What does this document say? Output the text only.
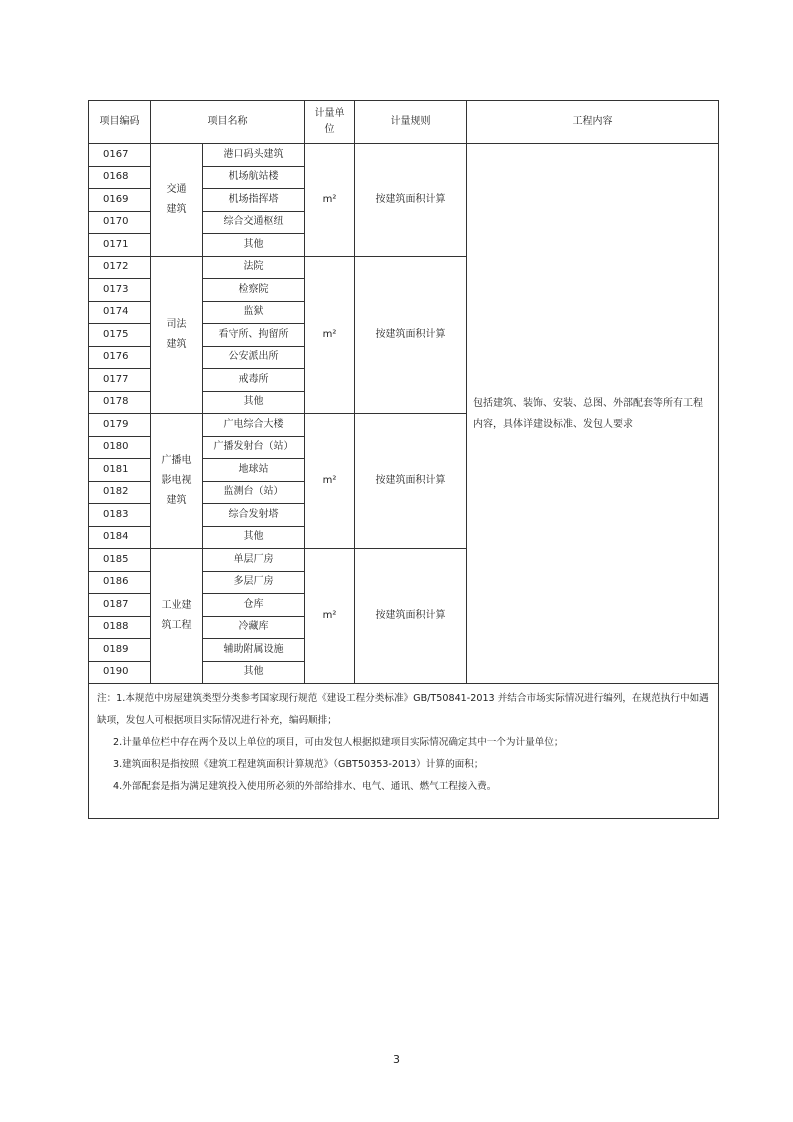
项目编码	项目名称		计量单位	计量规则	工程内容
0167	交通建筑	港口码头建筑	m²	按建筑面积计算	包括建筑、装饰、安装、总图、外部配套等所有工程内容，具体详建设标准、发包人要求
0168		机场航站楼			
0169		机场指挥塔			
0170		综合交通枢纽			
0171		其他			
0172	司法建筑	法院	m²	按建筑面积计算	
0173		检察院			
0174		监狱			
0175		看守所、拘留所			
0176		公安派出所			
0177		戒毒所			
0178		其他			
0179	广播电影电视建筑	广电综合大楼	m²	按建筑面积计算	
0180		广播发射台（站）			
0181		地球站			
0182		监测台（站）			
0183		综合发射塔			
0184		其他			
0185	工业建筑工程	单层厂房	m²	按建筑面积计算	
0186		多层厂房			
0187		仓库			
0188		冷藏库			
0189		辅助附属设施			
0190		其他			

注：1.本规范中房屋建筑类型分类参考国家现行规范《建设工程分类标准》GB/T50841-2013 并结合市场实际情况进行编列，在规范执行中如遇缺项，发包人可根据项目实际情况进行补充，编码顺排；
2.计量单位栏中存在两个及以上单位的项目，可由发包人根据拟建项目实际情况确定其中一个为计量单位；
3.建筑面积是指按照《建筑工程建筑面积计算规范》（GBT50353-2013）计算的面积；
4.外部配套是指为满足建筑投入使用所必须的外部给排水、电气、通讯、燃气工程接入费。					
3
